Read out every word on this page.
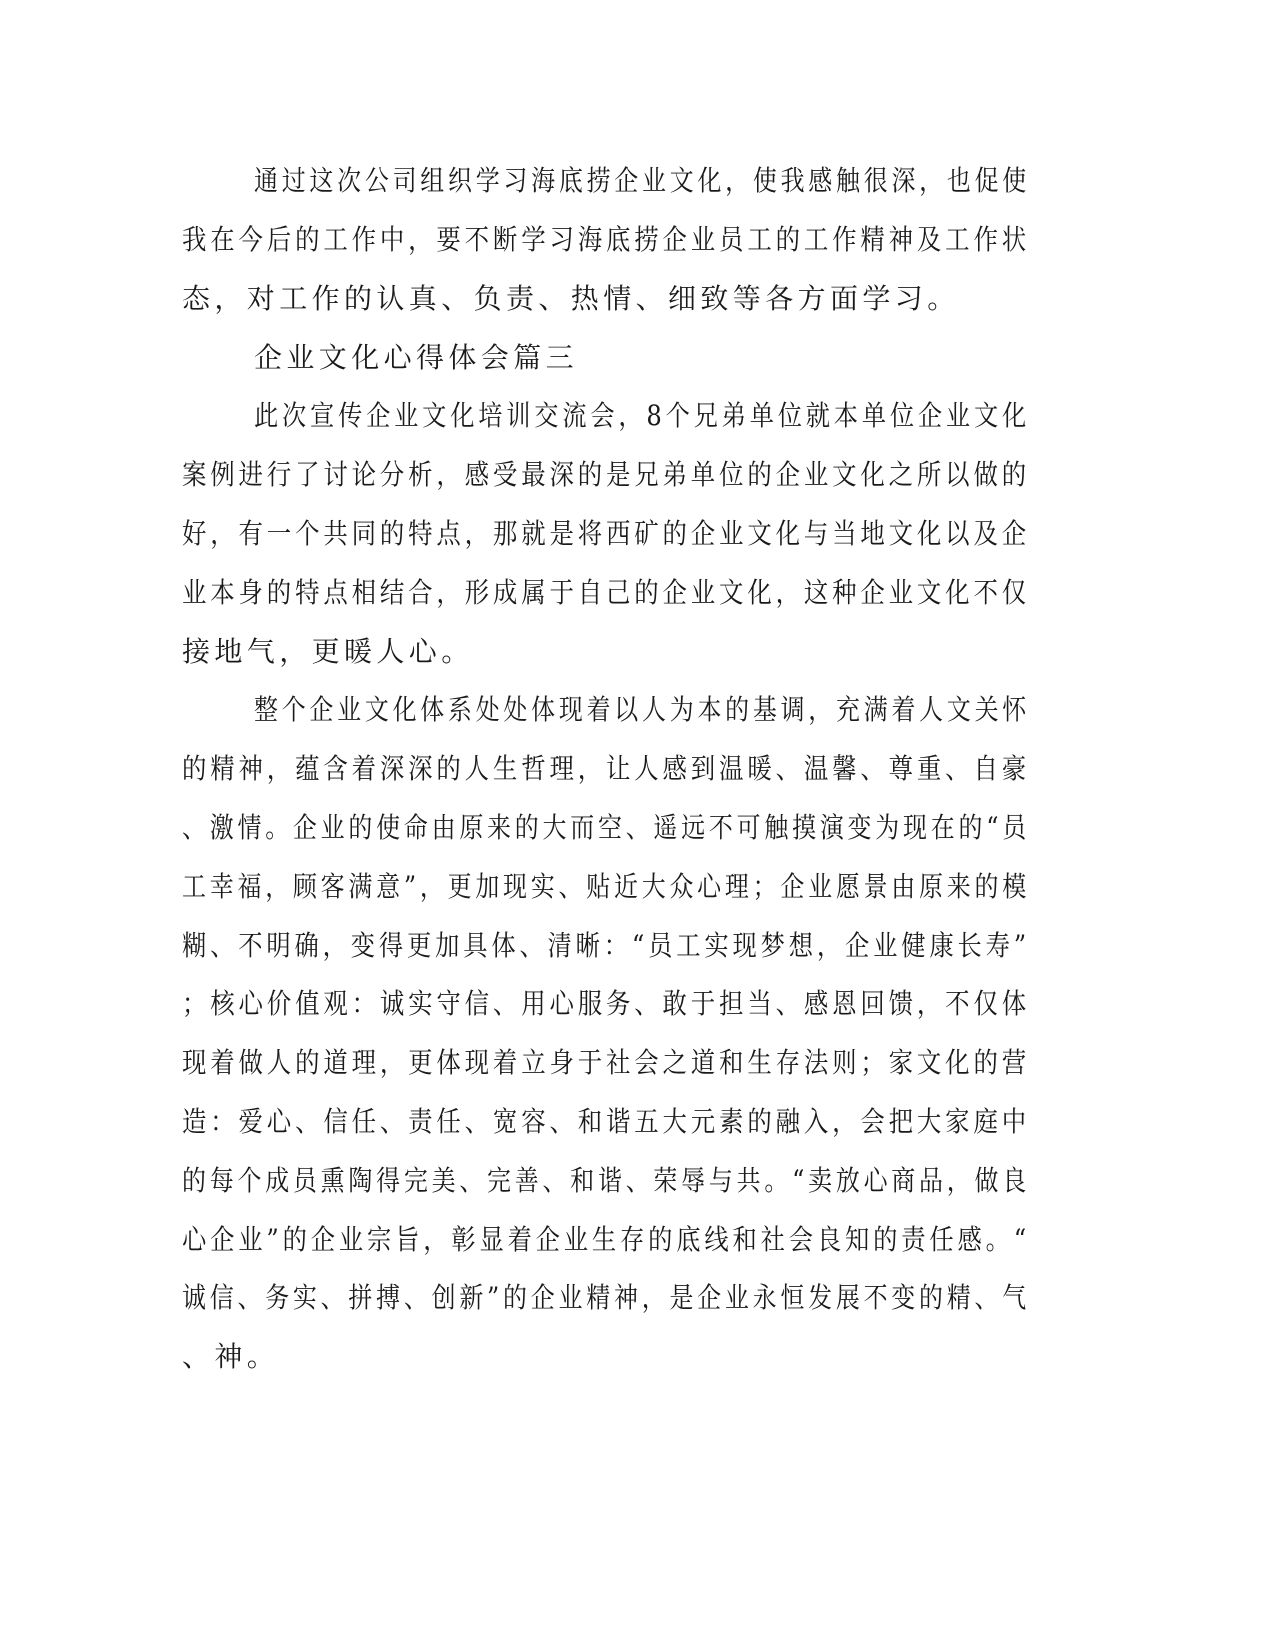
通过这次公司组织学习海底捞企业文化，使我感触很深，也促使
我在今后的工作中，要不断学习海底捞企业员工的工作精神及工作状
态，对工作的认真、负责、热情、细致等各方面学习。
企业文化心得体会篇三
此次宣传企业文化培训交流会，8个兄弟单位就本单位企业文化
案例进行了讨论分析，感受最深的是兄弟单位的企业文化之所以做的
好，有一个共同的特点，那就是将西矿的企业文化与当地文化以及企
业本身的特点相结合，形成属于自己的企业文化，这种企业文化不仅
接地气，更暖人心。
整个企业文化体系处处体现着以人为本的基调，充满着人文关怀
的精神，蕴含着深深的人生哲理，让人感到温暖、温馨、尊重、自豪
、激情。企业的使命由原来的大而空、遥远不可触摸演变为现在的“员
工幸福，顾客满意”，更加现实、贴近大众心理；企业愿景由原来的模
糊、不明确，变得更加具体、清晰：“员工实现梦想，企业健康长寿”
；核心价值观：诚实守信、用心服务、敢于担当、感恩回馈，不仅体
现着做人的道理，更体现着立身于社会之道和生存法则；家文化的营
造：爱心、信任、责任、宽容、和谐五大元素的融入，会把大家庭中
的每个成员熏陶得完美、完善、和谐、荣辱与共。“卖放心商品，做良
心企业”的企业宗旨，彰显着企业生存的底线和社会良知的责任感。“
诚信、务实、拼搏、创新”的企业精神，是企业永恒发展不变的精、气
、神。
